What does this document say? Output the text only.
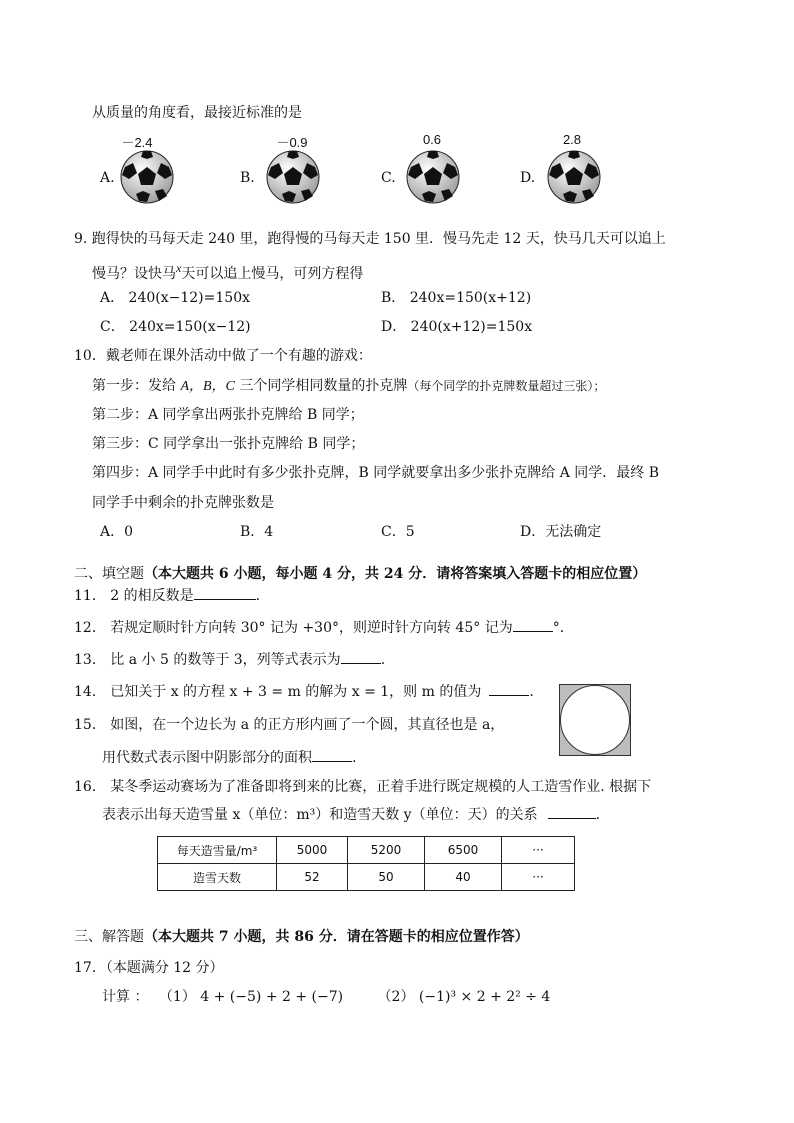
从质量的角度看，最接近标准的是
－2.4
A.
－0.9
B.
0.6
C.
2.8
D.
9. 跑得快的马每天走 240 里，跑得慢的马每天走 150 里．慢马先走 12 天，快马几天可以追上
慢马？设快马x天可以追上慢马，可列方程得
A． 240(x−12)=150x	B． 240x=150(x+12)
C． 240x=150(x−12)	D． 240(x+12)=150x
10．戴老师在课外活动中做了一个有趣的游戏：
第一步：发给 A，B，C 三个同学相同数量的扑克牌（每个同学的扑克牌数量超过三张）；
第二步：A 同学拿出两张扑克牌给 B 同学；
第三步：C 同学拿出一张扑克牌给 B 同学；
第四步：A 同学手中此时有多少张扑克牌，B 同学就要拿出多少张扑克牌给 A 同学．最终 B
同学手中剩余的扑克牌张数是
A．0	B．4	C．5	D．无法确定
二、填空题（本大题共 6 小题，每小题 4 分，共 24 分．请将答案填入答题卡的相应位置）
11． 2 的相反数是	．
12． 若规定顺时针方向转 30° 记为 +30°，则逆时针方向转 45° 记为	°．
13． 比 a 小 5 的数等于 3，列等式表示为	.
14． 已知关于 x 的方程 x + 3 = m 的解为 x = 1，则 m 的值为	.
15． 如图，在一个边长为 a 的正方形内画了一个圆，其直径也是 a，
用代数式表示图中阴影部分的面积	.
16． 某冬季运动赛场为了准备即将到来的比赛，正着手进行既定规模的人工造雪作业. 根据下
表表示出每天造雪量 x（单位：m³）和造雪天数 y（单位：天）的关系	．
每天造雪量/m³	5000	5200	6500	···
造雪天数	52	50	40	···
三、解答题（本大题共 7 小题，共 86 分．请在答题卡的相应位置作答）
17．（本题满分 12 分）
计算 ： （1） 4 + (−5) + 2 + (−7) （2） (−1)³ × 2 + 2² ÷ 4
